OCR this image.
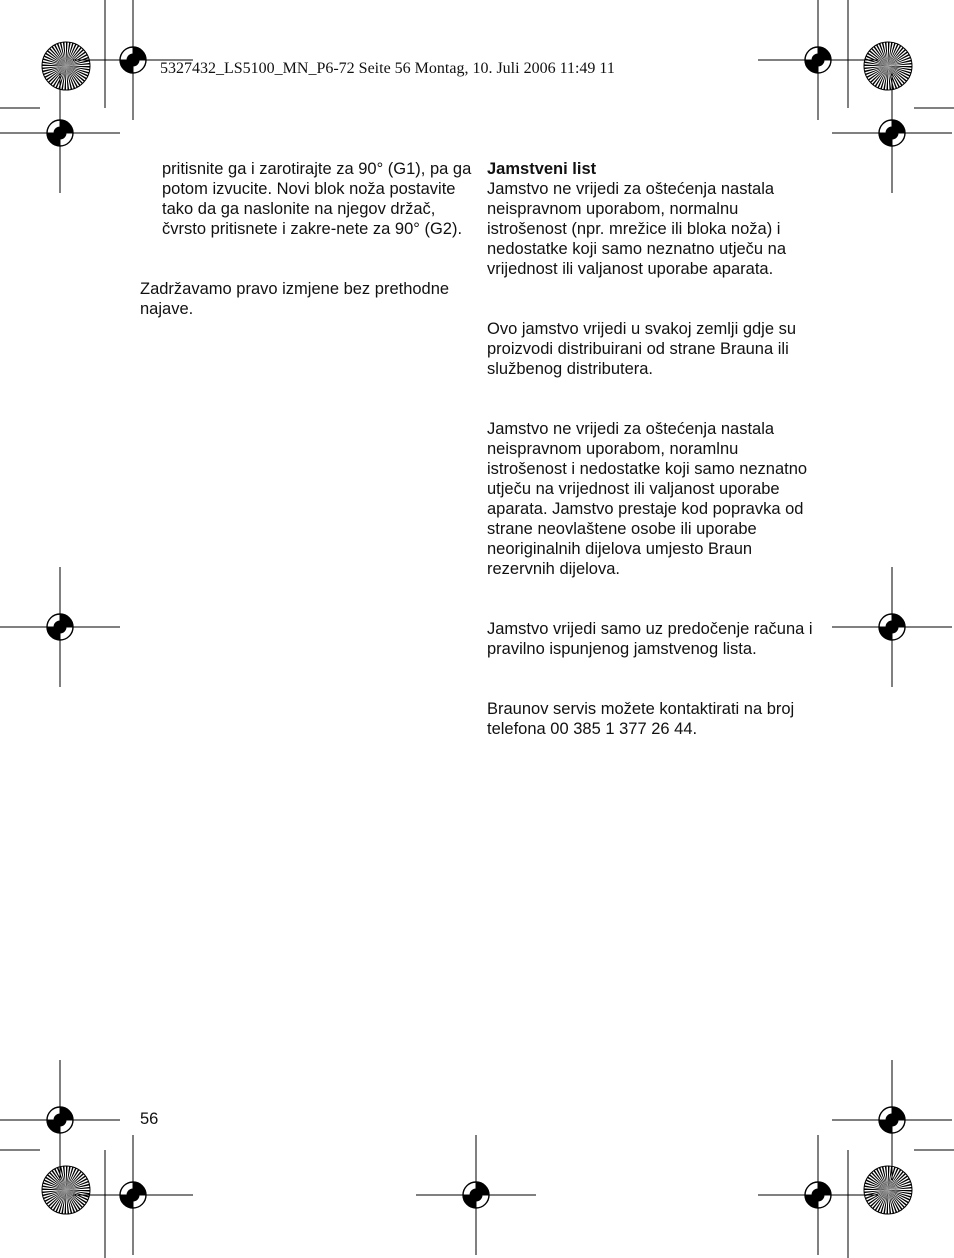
5327432_LS5100_MN_P6-72 Seite 56 Montag, 10. Juli 2006 11:49 11

pritisnite ga i zarotirajte za 90° (G1), pa ga potom izvucite. Novi blok noža postavite tako da ga naslonite na njegov držač, čvrsto pritisnete i zakre-nete za 90° (G2).

Zadržavamo pravo izmjene bez prethodne najave.

Jamstveni list
Jamstvo ne vrijedi za oštećenja nastala neispravnom uporabom, normalnu istrošenost (npr. mrežice ili bloka noža) i nedostatke koji samo neznatno utječu na vrijednost ili valjanost uporabe aparata.

Ovo jamstvo vrijedi u svakoj zemlji gdje su proizvodi distribuirani od strane Brauna ili službenog distributera.

Jamstvo ne vrijedi za oštećenja nastala neispravnom uporabom, noramlnu istrošenost i nedostatke koji samo neznatno utječu na vrijednost ili valjanost uporabe aparata. Jamstvo prestaje kod popravka od strane neovlaštene osobe ili uporabe neoriginalnih dijelova umjesto Braun rezervnih dijelova.

Jamstvo vrijedi samo uz predočenje računa i pravilno ispunjenog jamstvenog lista.

Braunov servis možete kontaktirati na broj telefona 00 385 1 377 26 44.

56
